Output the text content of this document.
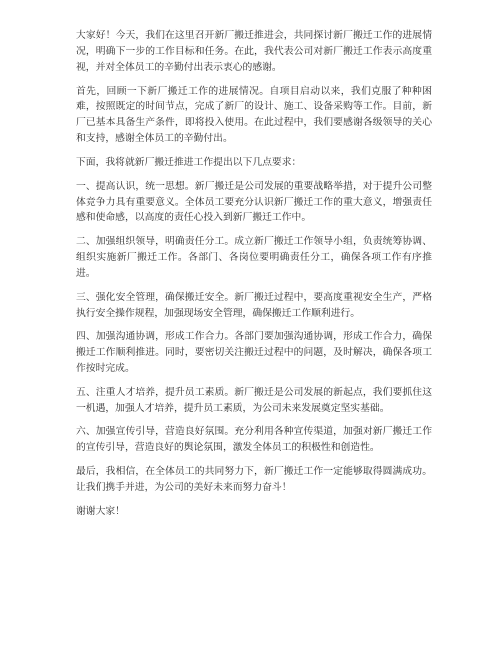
大家好！今天，我们在这里召开新厂搬迁推进会，共同探讨新厂搬迁工作的进展情况，明确下一步的工作目标和任务。在此，我代表公司对新厂搬迁工作表示高度重视，并对全体员工的辛勤付出表示衷心的感谢。

首先，回顾一下新厂搬迁工作的进展情况。自项目启动以来，我们克服了种种困难，按照既定的时间节点，完成了新厂的设计、施工、设备采购等工作。目前，新厂已基本具备生产条件，即将投入使用。在此过程中，我们要感谢各级领导的关心和支持，感谢全体员工的辛勤付出。

下面，我将就新厂搬迁推进工作提出以下几点要求：

一、提高认识，统一思想。新厂搬迁是公司发展的重要战略举措，对于提升公司整体竞争力具有重要意义。全体员工要充分认识新厂搬迁工作的重大意义，增强责任感和使命感，以高度的责任心投入到新厂搬迁工作中。

二、加强组织领导，明确责任分工。成立新厂搬迁工作领导小组，负责统筹协调、组织实施新厂搬迁工作。各部门、各岗位要明确责任分工，确保各项工作有序推进。

三、强化安全管理，确保搬迁安全。新厂搬迁过程中，要高度重视安全生产，严格执行安全操作规程，加强现场安全管理，确保搬迁工作顺利进行。

四、加强沟通协调，形成工作合力。各部门要加强沟通协调，形成工作合力，确保搬迁工作顺利推进。同时，要密切关注搬迁过程中的问题，及时解决，确保各项工作按时完成。

五、注重人才培养，提升员工素质。新厂搬迁是公司发展的新起点，我们要抓住这一机遇，加强人才培养，提升员工素质，为公司未来发展奠定坚实基础。

六、加强宣传引导，营造良好氛围。充分利用各种宣传渠道，加强对新厂搬迁工作的宣传引导，营造良好的舆论氛围，激发全体员工的积极性和创造性。

最后，我相信，在全体员工的共同努力下，新厂搬迁工作一定能够取得圆满成功。让我们携手并进，为公司的美好未来而努力奋斗！

谢谢大家！
